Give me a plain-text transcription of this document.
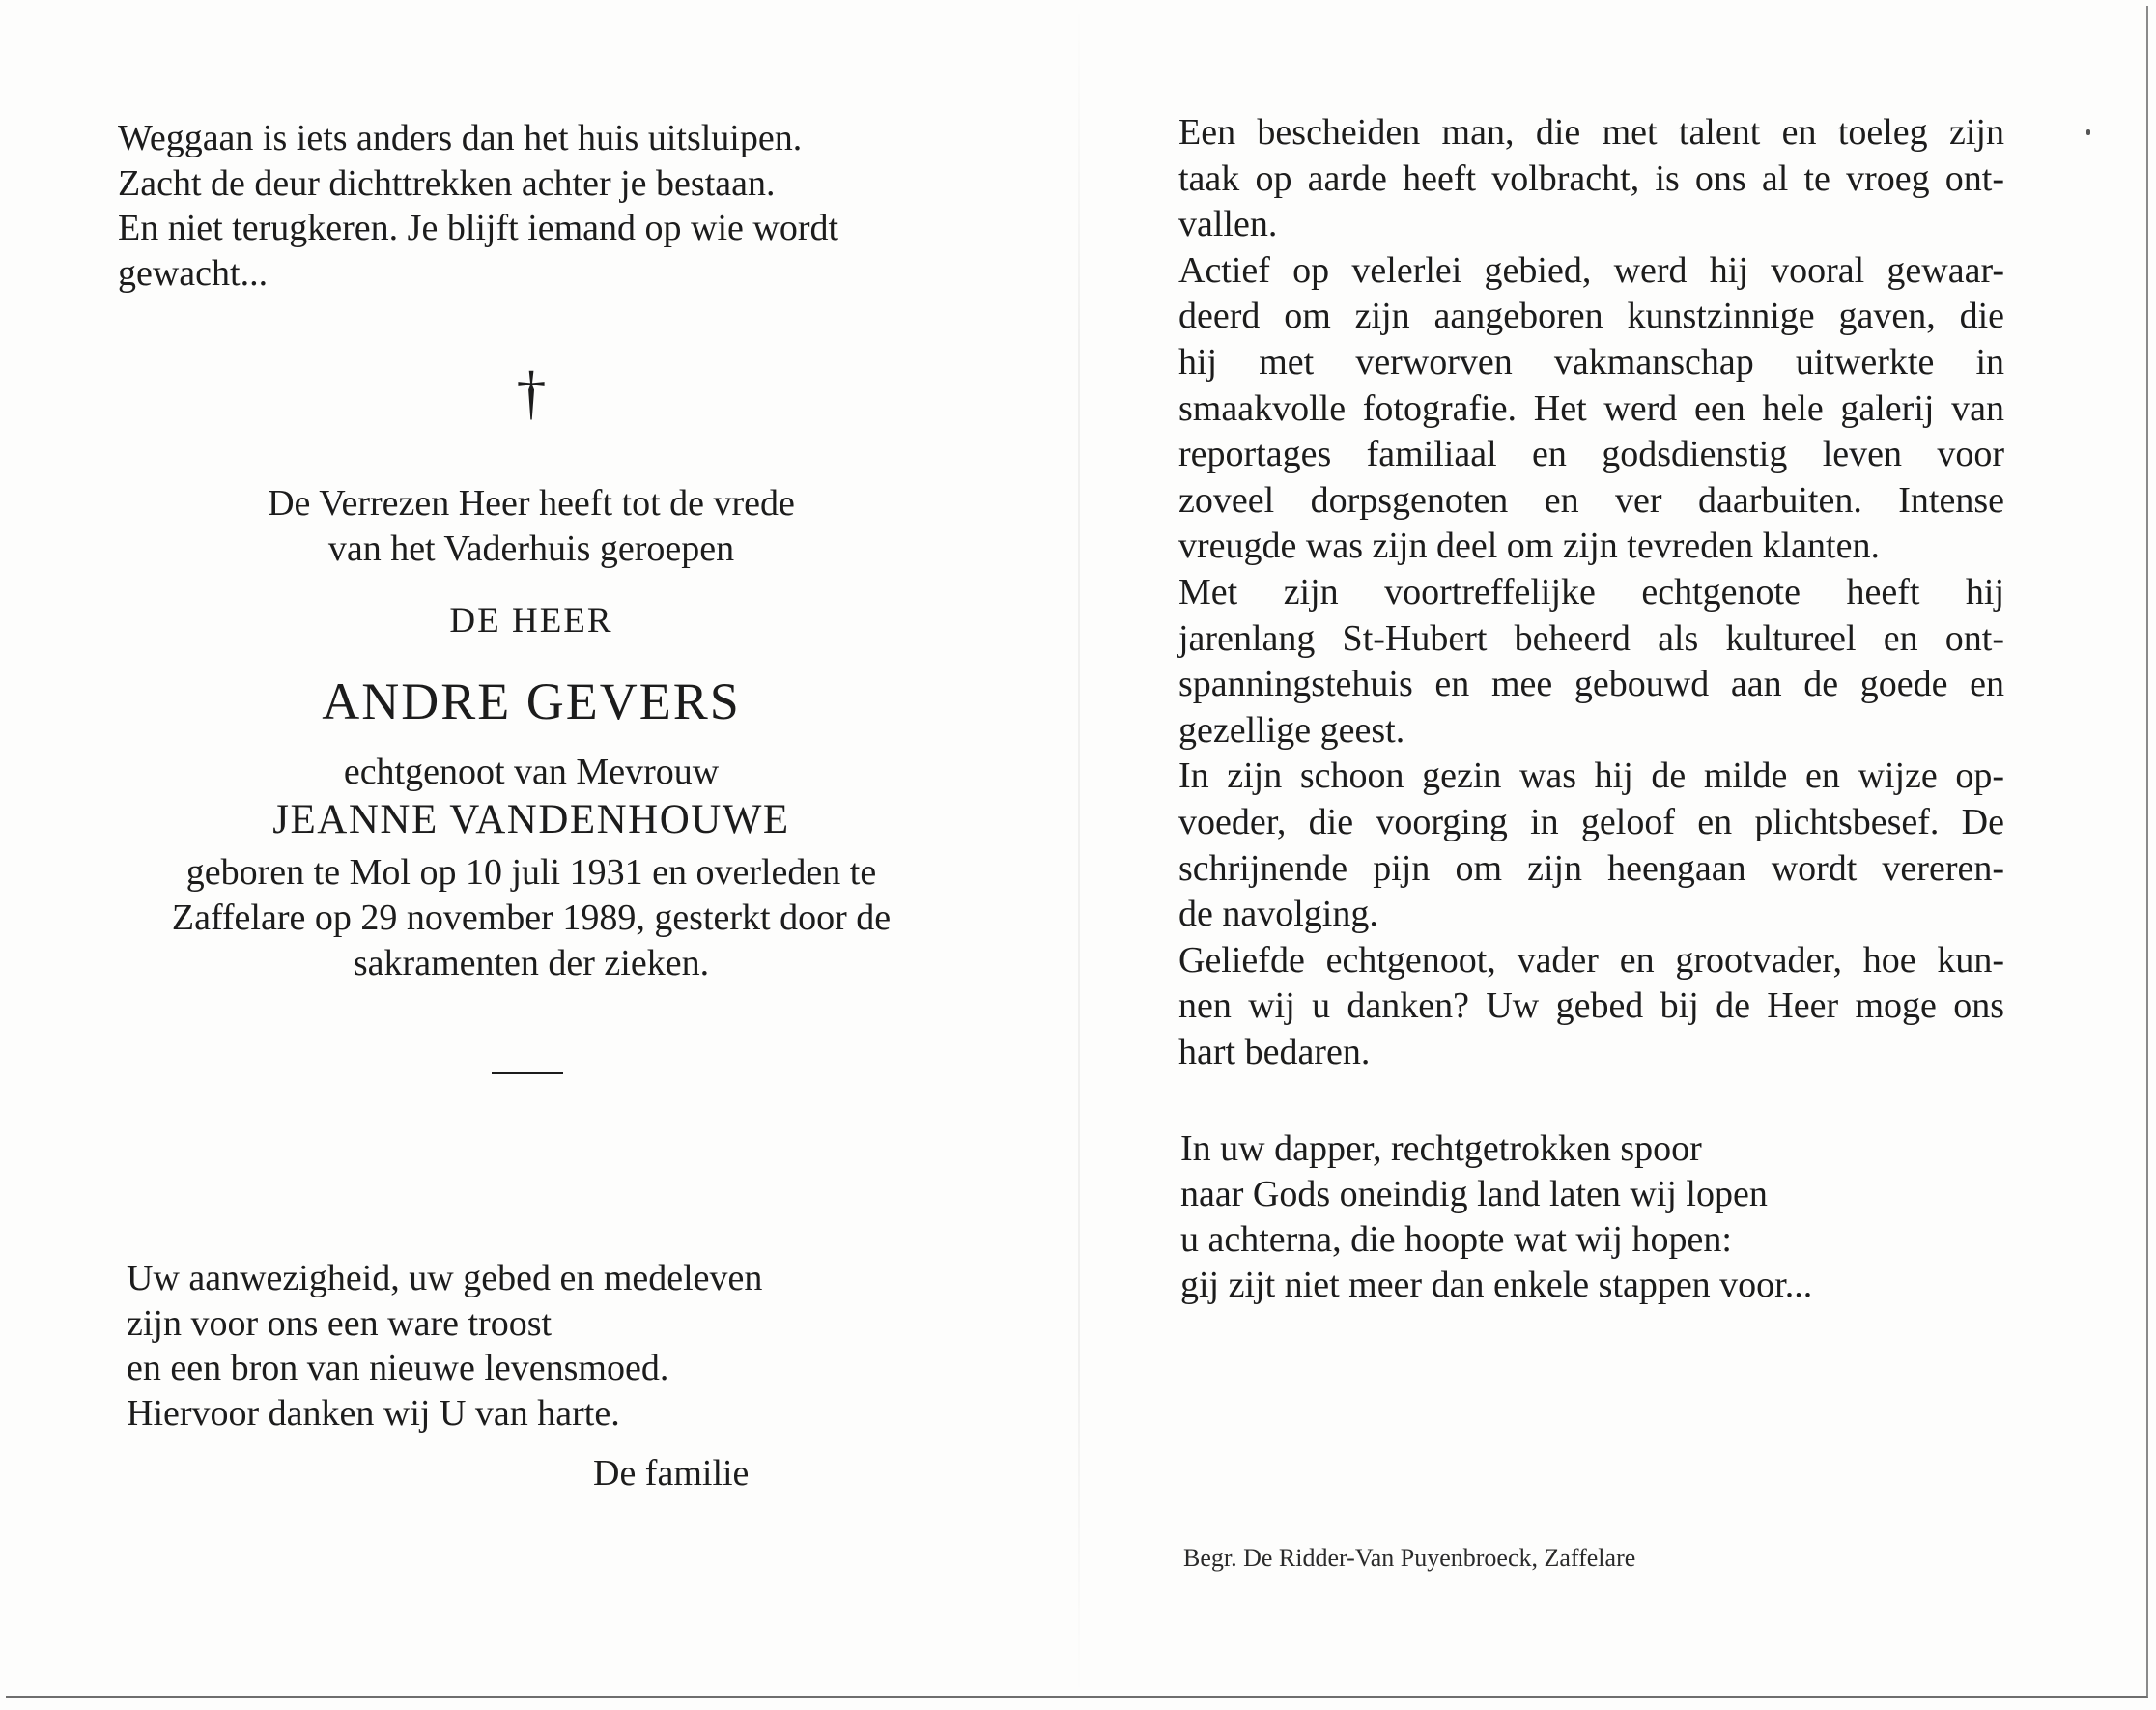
Weggaan is iets anders dan het huis uitsluipen.
Zacht de deur dichttrekken achter je bestaan.
En niet terugkeren. Je blijft iemand op wie wordt
gewacht...
†
De Verrezen Heer heeft tot de vrede
van het Vaderhuis geroepen
DE HEER
ANDRE GEVERS
echtgenoot van Mevrouw
JEANNE VANDENHOUWE
geboren te Mol op 10 juli 1931 en overleden te
Zaffelare op 29 november 1989, gesterkt door de
sakramenten der zieken.
Uw aanwezigheid, uw gebed en medeleven
zijn voor ons een ware troost
en een bron van nieuwe levensmoed.
Hiervoor danken wij U van harte.
De familie
Een bescheiden man, die met talent en toeleg zijn
taak op aarde heeft volbracht, is ons al te vroeg ont-
vallen.
Actief op velerlei gebied, werd hij vooral gewaar-
deerd om zijn aangeboren kunstzinnige gaven, die
hij met verworven vakmanschap uitwerkte in
smaakvolle fotografie. Het werd een hele galerij van
reportages familiaal en godsdienstig leven voor
zoveel dorpsgenoten en ver daarbuiten. Intense
vreugde was zijn deel om zijn tevreden klanten.
Met zijn voortreffelijke echtgenote heeft hij
jarenlang St-Hubert beheerd als kultureel en ont-
spanningstehuis en mee gebouwd aan de goede en
gezellige geest.
In zijn schoon gezin was hij de milde en wijze op-
voeder, die voorging in geloof en plichtsbesef. De
schrijnende pijn om zijn heengaan wordt vereren-
de navolging.
Geliefde echtgenoot, vader en grootvader, hoe kun-
nen wij u danken? Uw gebed bij de Heer moge ons
hart bedaren.
In uw dapper, rechtgetrokken spoor
naar Gods oneindig land laten wij lopen
u achterna, die hoopte wat wij hopen:
gij zijt niet meer dan enkele stappen voor...
Begr. De Ridder-Van Puyenbroeck, Zaffelare
